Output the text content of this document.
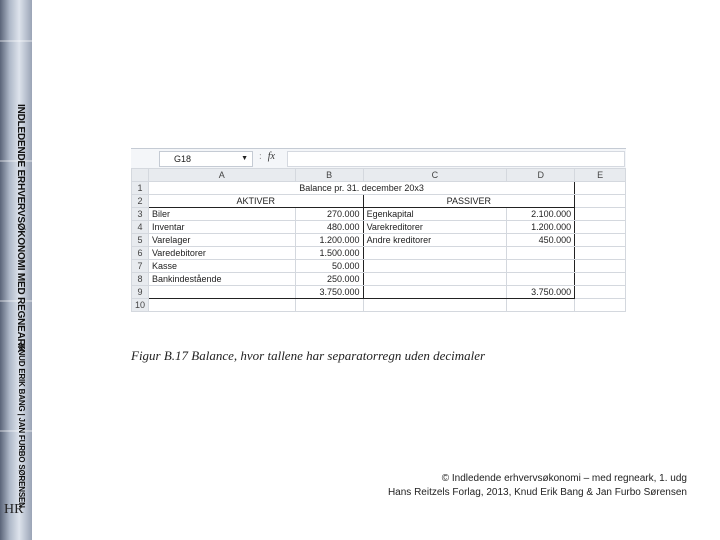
INDLEDENDE ERHVERVSØKONOMI MED REGNEARK
KNUD ERIK BANG | JAN FURBO SØRENSEN
HR
G18	▼ : fx
	A	B	C	D	E
1	Balance pr. 31. december 20x3				
2	AKTIVER		PASSIVER		
3	Biler	270.000	Egenkapital	2.100.000	
4	Inventar	480.000	Varekreditorer	1.200.000	
5	Varelager	1.200.000	Andre kreditorer	450.000	
6	Varedebitorer	1.500.000			
7	Kasse	50.000			
8	Bankindestående	250.000			
9		3.750.000		3.750.000	
10					
Figur B.17 Balance, hvor tallene har separatorregn uden decimaler
© Indledende erhvervsøkonomi – med regneark, 1. udg
Hans Reitzels Forlag, 2013, Knud Erik Bang & Jan Furbo Sørensen
